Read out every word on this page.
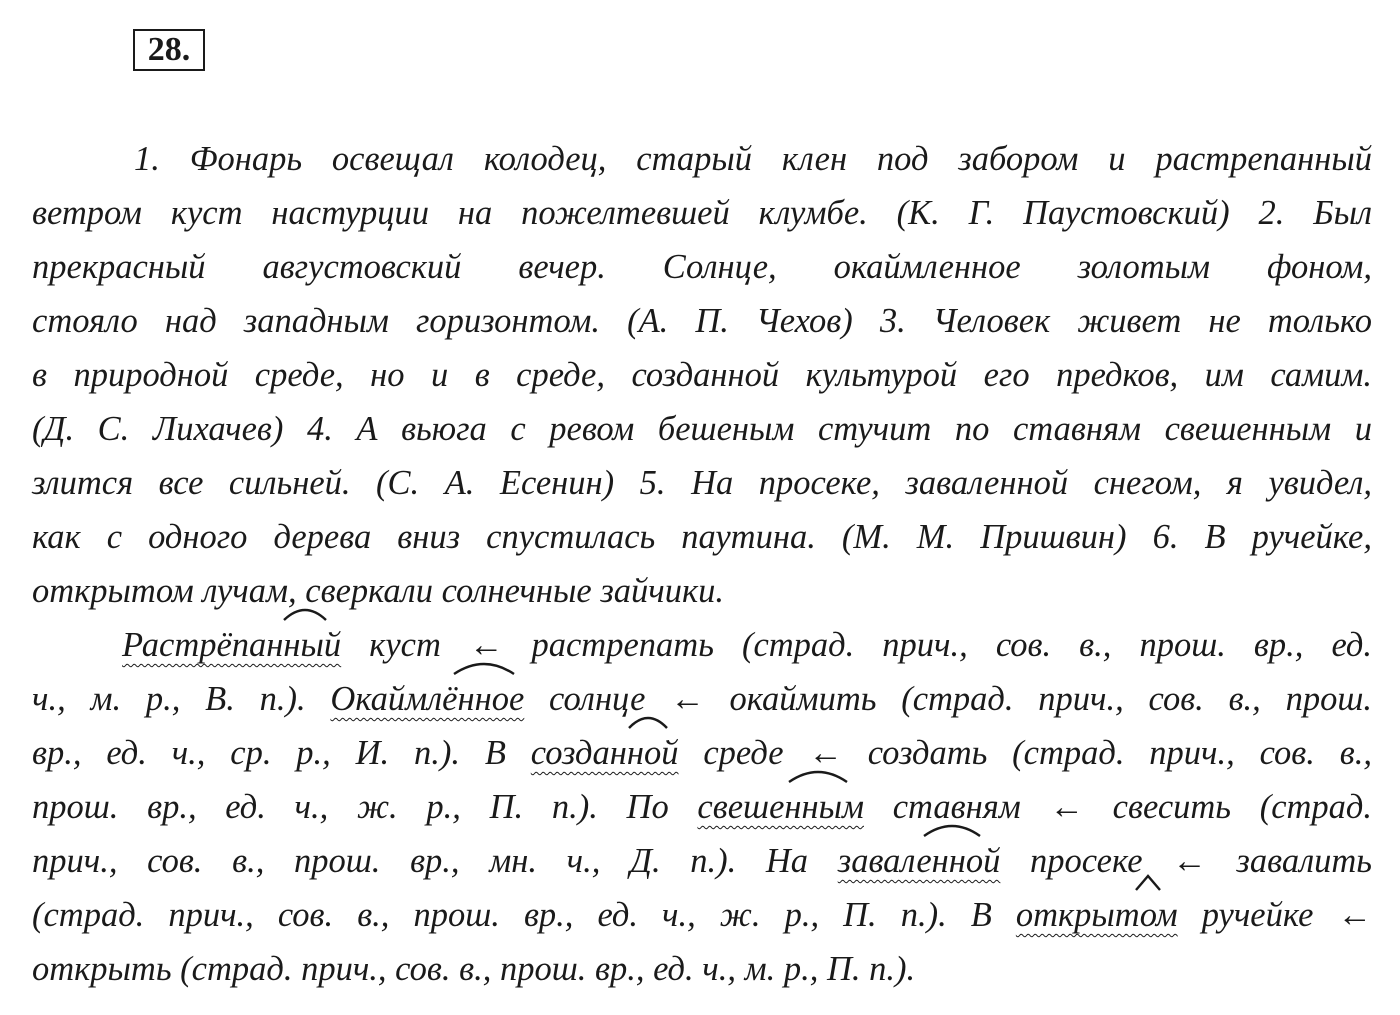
28.
1. Фонарь освещал колодец, старый клен под забором и растрепанный
ветром куст настурции на пожелтевшей клумбе. (К. Г. Паустовский) 2. Был
прекрасный августовский вечер. Солнце, окаймленное золотым фоном,
стояло над западным горизонтом. (А. П. Чехов) 3. Человек живет не только
в природной среде, но и в среде, созданной культурой его предков, им самим.
(Д. С. Лихачев) 4. А вьюга с ревом бешеным стучит по ставням свешенным и
злится все сильней. (С. А. Есенин) 5. На просеке, заваленной снегом, я увидел,
как с одного дерева вниз спустилась паутина. (М. М. Пришвин) 6. В ручейке,
открытом лучам, сверкали солнечные зайчики.
Растрёпанный
куст ← растрепать (страд. прич., сов. в., прош. вр., ед.
ч., м. р., В. п.). Окаймлённое
солнце ← окаймить (страд. прич., сов. в., прош.
вр., ед. ч., ср. р., И. п.). В созданной
среде ← создать (страд. прич., сов. в.,
прош. вр., ед. ч., ж. р., П. п.). По свешенным
ставням ← свесить (страд.
прич., сов. в., прош. вр., мн. ч., Д. п.). На заваленной
просеке ← завалить
(страд. прич., сов. в., прош. вр., ед. ч., ж. р., П. п.). В открытом
ручейке ←
открыть (страд. прич., сов. в., прош. вр., ед. ч., м. р., П. п.).
